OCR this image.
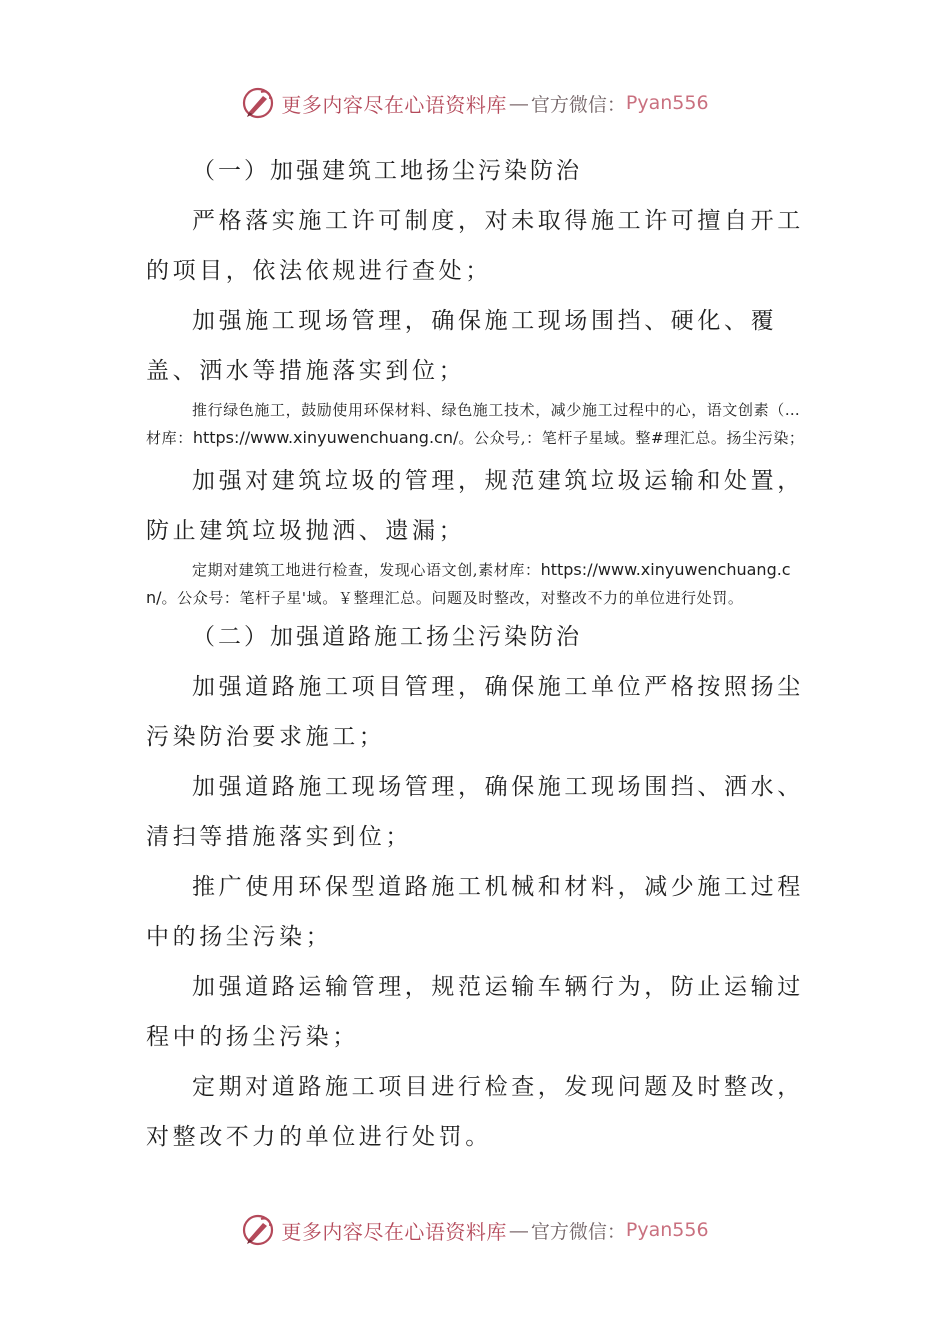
更多内容尽在心语资料库 — 官方微信： Pyan556

（一）加强建筑工地扬尘污染防治

严格落实施工许可制度，对未取得施工许可擅自开工的项目，依法依规进行查处；

加强施工现场管理，确保施工现场围挡、硬化、覆盖、洒水等措施落实到位；

推行绿色施工，鼓励使用环保材料、绿色施工技术，减少施工过程中的心，语文创素（…材库：https://www.xinyuwenchuang.cn/。公众号,：笔杆子星域。整#理汇总。扬尘污染；

加强对建筑垃圾的管理，规范建筑垃圾运输和处置，防止建筑垃圾抛洒、遗漏；

定期对建筑工地进行检查，发现心语文创,素材库：https://www.xinyuwenchuang.cn/。公众号：笔杆子星'域。￥整理汇总。问题及时整改，对整改不力的单位进行处罚。

（二）加强道路施工扬尘污染防治

加强道路施工项目管理，确保施工单位严格按照扬尘污染防治要求施工；

加强道路施工现场管理，确保施工现场围挡、洒水、清扫等措施落实到位；

推广使用环保型道路施工机械和材料，减少施工过程中的扬尘污染；

加强道路运输管理，规范运输车辆行为，防止运输过程中的扬尘污染；

定期对道路施工项目进行检查，发现问题及时整改，对整改不力的单位进行处罚。

更多内容尽在心语资料库 — 官方微信： Pyan556
